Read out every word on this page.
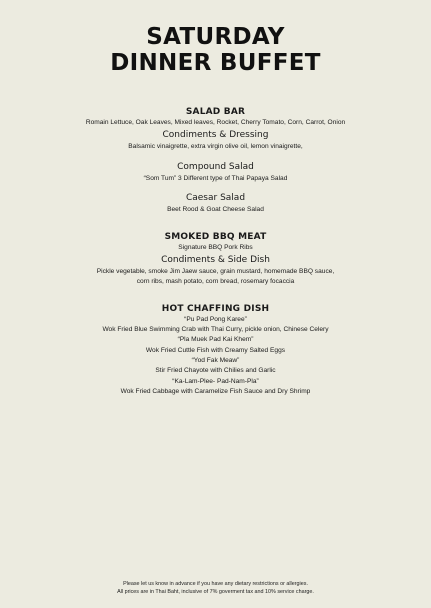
SATURDAY
DINNER BUFFET

SALAD BAR

Romain Lettuce, Oak Leaves, Mixed leaves, Rocket, Cherry Tomato, Corn, Carrot, Onion

Condiments & Dressing

Balsamic vinaigrette, extra virgin olive oil, lemon vinaigrette,

Compound Salad

“Som Tum” 3 Different type of Thai Papaya Salad

Caesar Salad

Beet Rood & Goat Cheese Salad

SMOKED BBQ MEAT

Signature BBQ Pork Ribs

Condiments & Side Dish

Pickle vegetable, smoke Jim Jaew sauce, grain mustard, homemade BBQ sauce,

corn ribs, mash potato, corn bread, rosemary focaccia

HOT CHAFFING DISH

“Pu Pad Pong Karee”

Wok Fried Blue Swimming Crab with Thai Curry, pickle onion, Chinese Celery

“Pla Muek Pad Kai Khem”

Wok Fried Cuttle Fish with Creamy Salted Eggs

“Yod Fak Meaw”

Stir Fried Chayote with Chilies and Garlic

“Ka-Lam-Plee- Pad-Nam-Pla”

Wok Fried Cabbage with Caramelize Fish Sauce and Dry Shrimp

Please let us know in advance if you have any dietary restrictions or allergies.

All prices are in Thai Baht, inclusive of 7% goverment tax and 10% service charge.
